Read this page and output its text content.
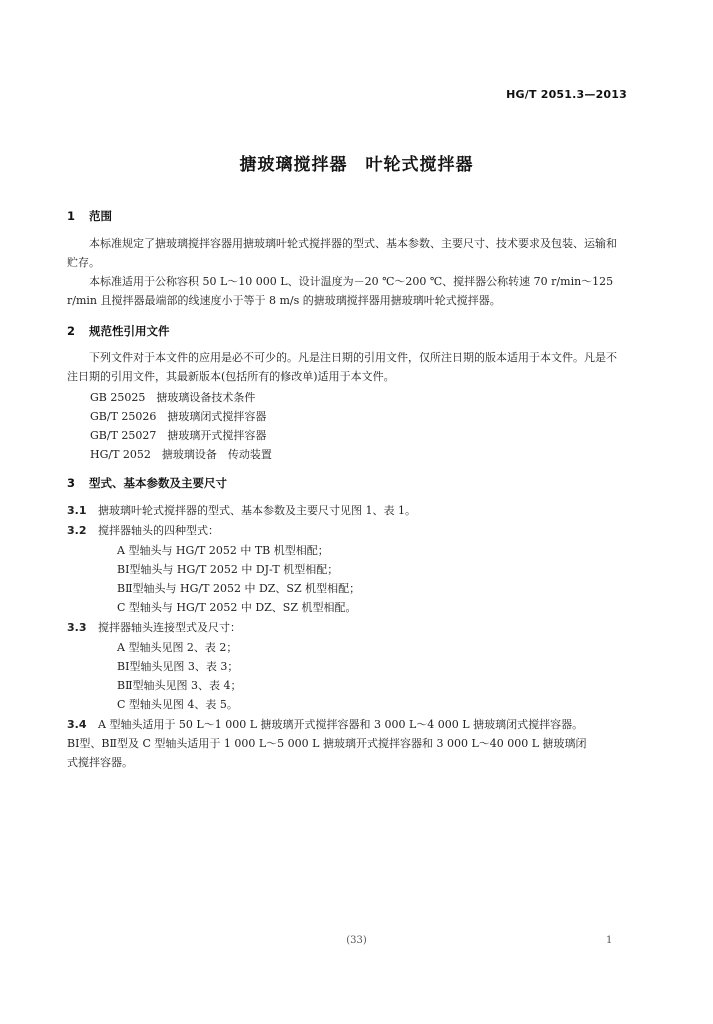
HG/T 2051.3—2013
搪玻璃搅拌器 叶轮式搅拌器
1 范围
本标准规定了搪玻璃搅拌容器用搪玻璃叶轮式搅拌器的型式、基本参数、主要尺寸、技术要求及包装、运输和贮存。
本标准适用于公称容积 50 L～10 000 L、设计温度为－20 ℃～200 ℃、搅拌器公称转速 70 r/min～125 r/min 且搅拌器最端部的线速度小于等于 8 m/s 的搪玻璃搅拌器用搪玻璃叶轮式搅拌器。
2 规范性引用文件
下列文件对于本文件的应用是必不可少的。凡是注日期的引用文件，仅所注日期的版本适用于本文件。凡是不注日期的引用文件，其最新版本(包括所有的修改单)适用于本文件。
GB 25025　搪玻璃设备技术条件
GB/T 25026　搪玻璃闭式搅拌容器
GB/T 25027　搪玻璃开式搅拌容器
HG/T 2052　搪玻璃设备　传动装置
3 型式、基本参数及主要尺寸
3.1 搪玻璃叶轮式搅拌器的型式、基本参数及主要尺寸见图 1、表 1。
3.2 搅拌器轴头的四种型式：
A 型轴头与 HG/T 2052 中 TB 机型相配；
BⅠ型轴头与 HG/T 2052 中 DJ-T 机型相配；
BⅡ型轴头与 HG/T 2052 中 DZ、SZ 机型相配；
C 型轴头与 HG/T 2052 中 DZ、SZ 机型相配。
3.3 搅拌器轴头连接型式及尺寸：
A 型轴头见图 2、表 2；
BⅠ型轴头见图 3、表 3；
BⅡ型轴头见图 3、表 4；
C 型轴头见图 4、表 5。
3.4 A 型轴头适用于 50 L～1 000 L 搪玻璃开式搅拌容器和 3 000 L～4 000 L 搪玻璃闭式搅拌容器。
BⅠ型、BⅡ型及 C 型轴头适用于 1 000 L～5 000 L 搪玻璃开式搅拌容器和 3 000 L～40 000 L 搪玻璃闭
式搅拌容器。
(33)	1
